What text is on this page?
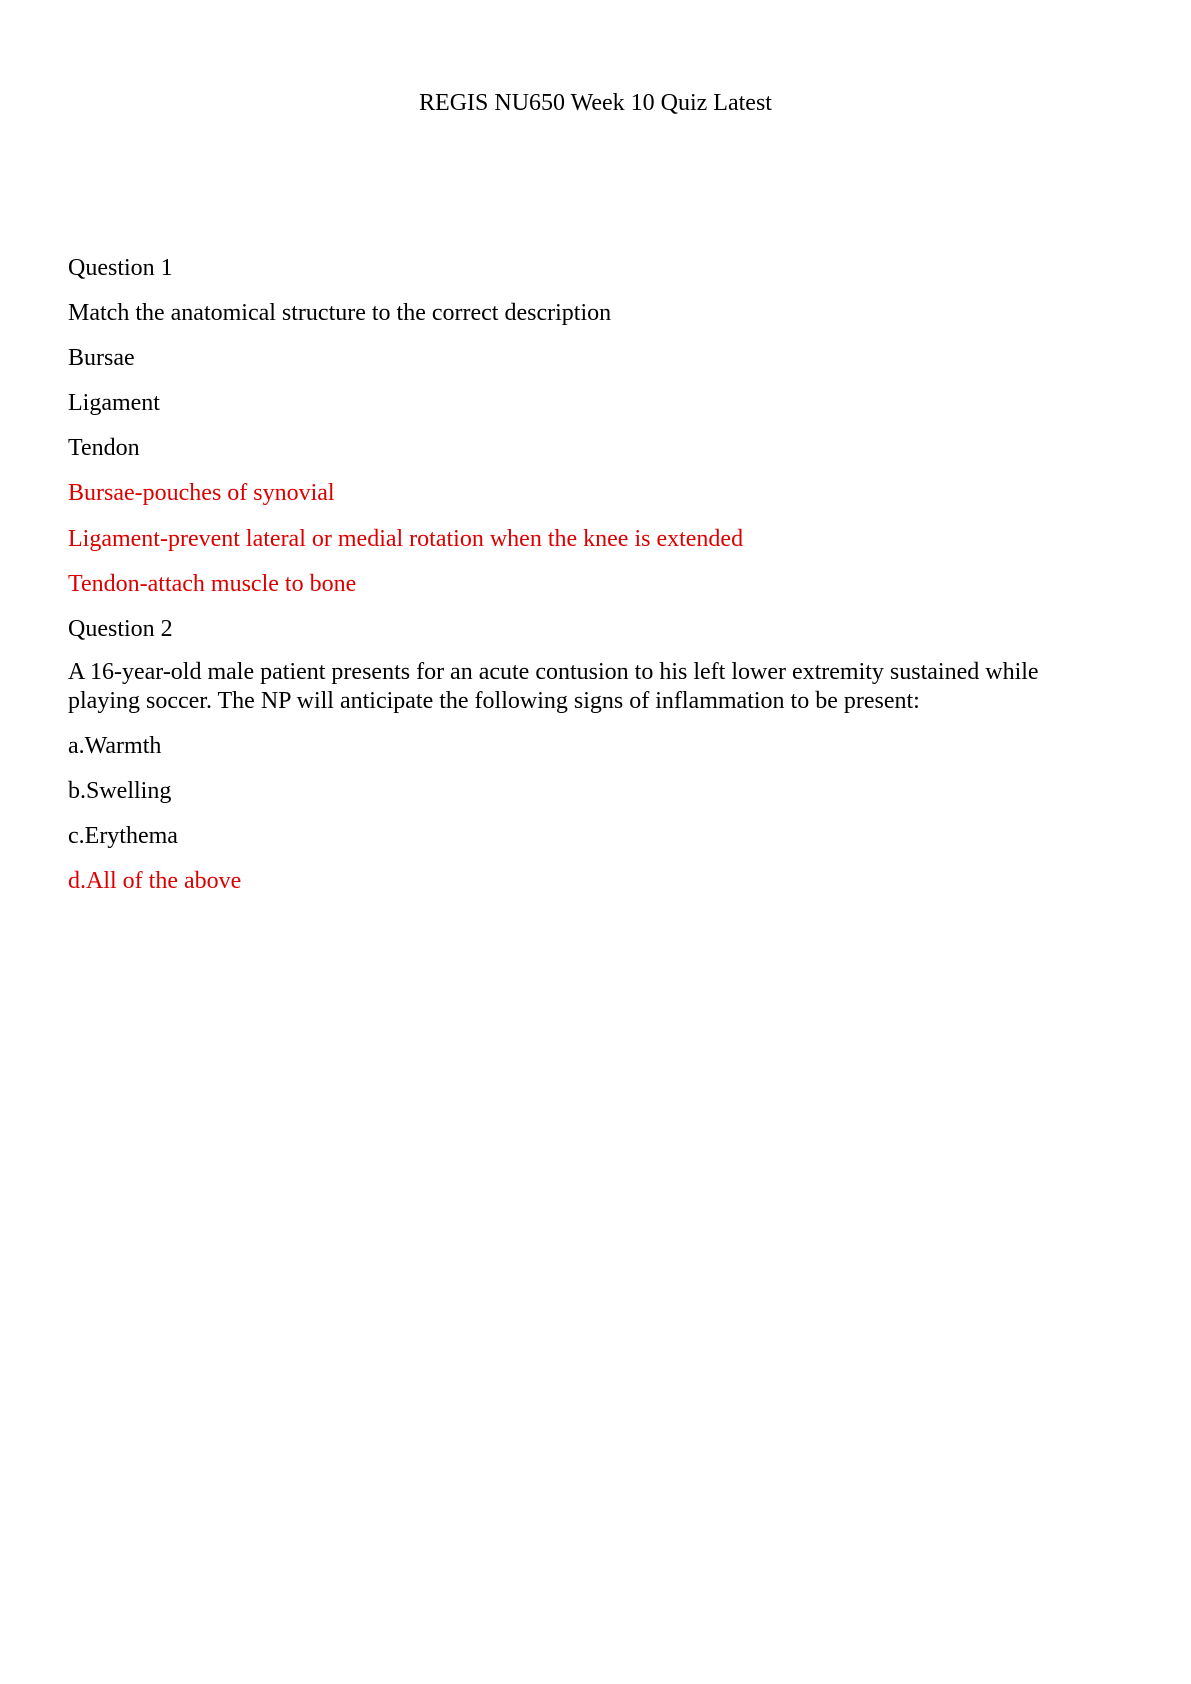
REGIS NU650 Week 10 Quiz Latest
Question 1
Match the anatomical structure to the correct description
Bursae
Ligament
Tendon
Bursae-pouches of synovial
Ligament-prevent lateral or medial rotation when the knee is extended
Tendon-attach muscle to bone
Question 2
A 16-year-old male patient presents for an acute contusion to his left lower extremity sustained while
playing soccer. The NP will anticipate the following signs of inflammation to be present:
a.Warmth
b.Swelling
c.Erythema
d.All of the above
